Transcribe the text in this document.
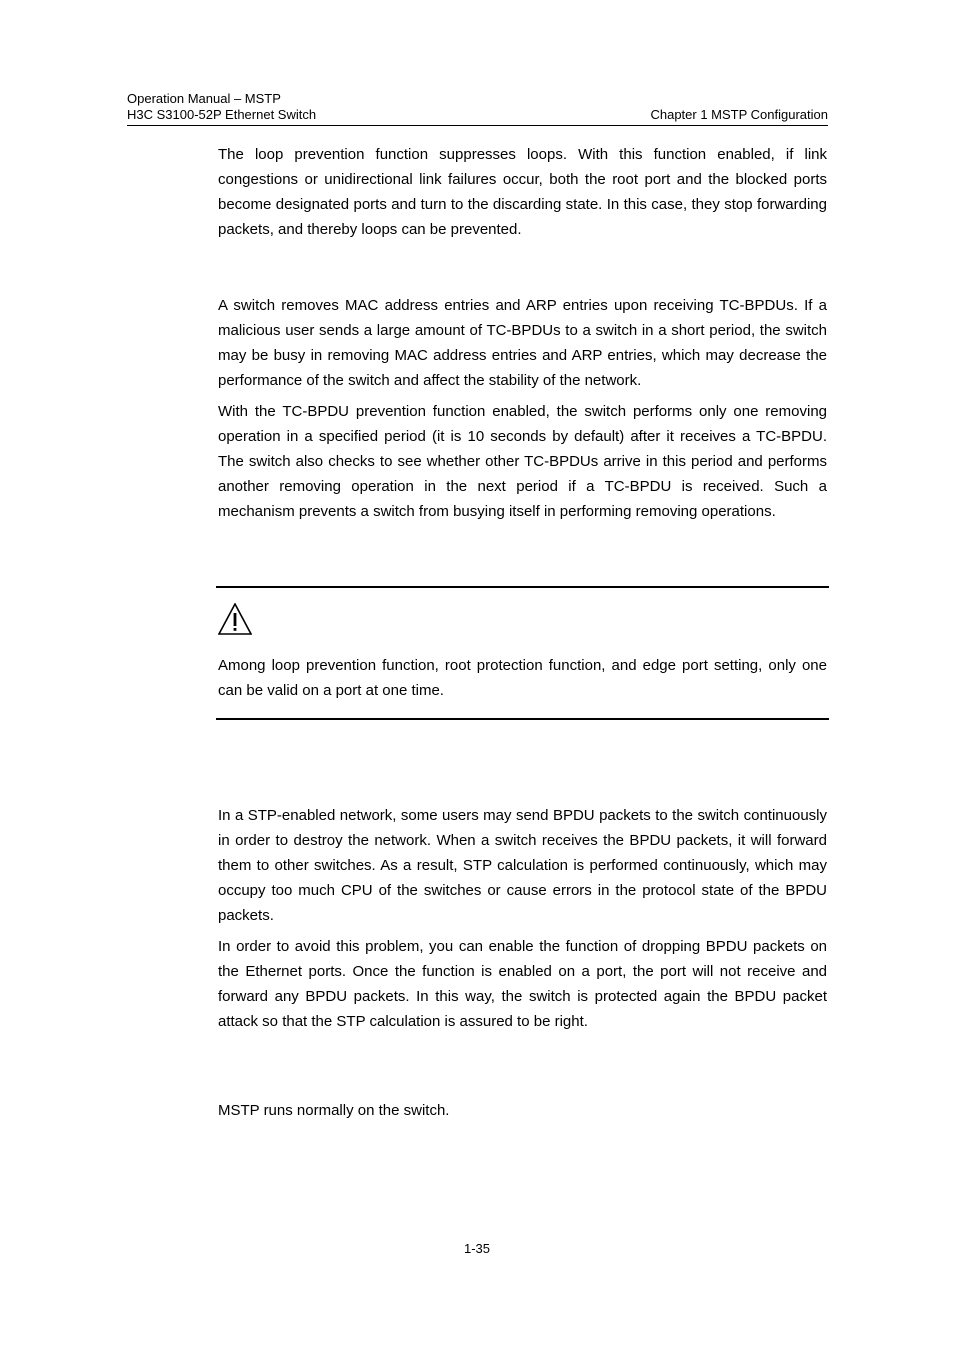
Operation Manual – MSTP
H3C S3100-52P Ethernet Switch	Chapter 1 MSTP Configuration

The loop prevention function suppresses loops. With this function enabled, if link congestions or unidirectional link failures occur, both the root port and the blocked ports become designated ports and turn to the discarding state. In this case, they stop forwarding packets, and thereby loops can be prevented.

A switch removes MAC address entries and ARP entries upon receiving TC-BPDUs. If a malicious user sends a large amount of TC-BPDUs to a switch in a short period, the switch may be busy in removing MAC address entries and ARP entries, which may decrease the performance of the switch and affect the stability of the network.

With the TC-BPDU prevention function enabled, the switch performs only one removing operation in a specified period (it is 10 seconds by default) after it receives a TC-BPDU. The switch also checks to see whether other TC-BPDUs arrive in this period and performs another removing operation in the next period if a TC-BPDU is received. Such a mechanism prevents a switch from busying itself in performing removing operations.

Among loop prevention function, root protection function, and edge port setting, only one can be valid on a port at one time.

In a STP-enabled network, some users may send BPDU packets to the switch continuously in order to destroy the network. When a switch receives the BPDU packets, it will forward them to other switches. As a result, STP calculation is performed continuously, which may occupy too much CPU of the switches or cause errors in the protocol state of the BPDU packets.

In order to avoid this problem, you can enable the function of dropping BPDU packets on the Ethernet ports. Once the function is enabled on a port, the port will not receive and forward any BPDU packets. In this way, the switch is protected again the BPDU packet attack so that the STP calculation is assured to be right.

MSTP runs normally on the switch.

1-35
